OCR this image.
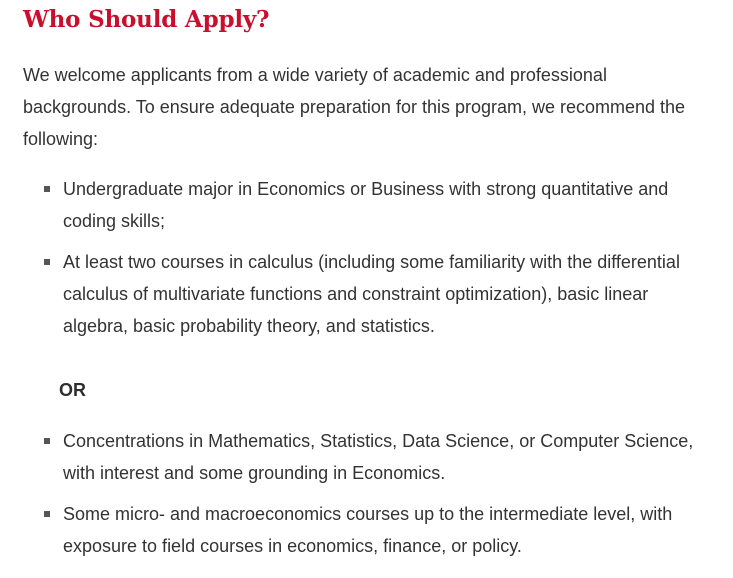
Who Should Apply?

We welcome applicants from a wide variety of academic and professional backgrounds. To ensure adequate preparation for this program, we recommend the following:

Undergraduate major in Economics or Business with strong quantitative and coding skills;
At least two courses in calculus (including some familiarity with the differential calculus of multivariate functions and constraint optimization), basic linear algebra, basic probability theory, and statistics.

OR

Concentrations in Mathematics, Statistics, Data Science, or Computer Science, with interest and some grounding in Economics.
Some micro- and macroeconomics courses up to the intermediate level, with exposure to field courses in economics, finance, or policy.
